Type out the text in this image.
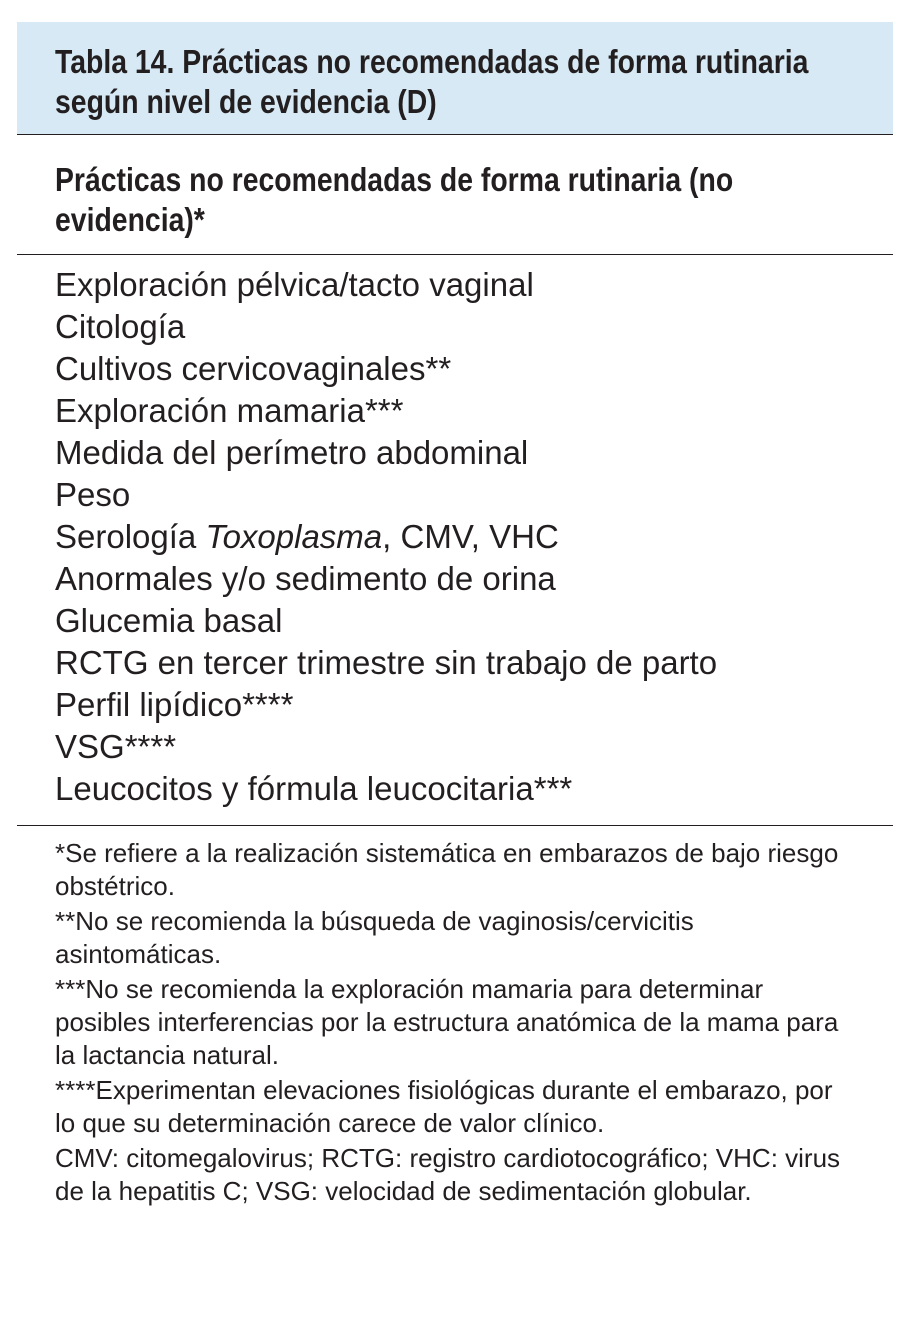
Tabla 14. Prácticas no recomendadas de forma rutinaria según nivel de evidencia (D)
Prácticas no recomendadas de forma rutinaria (no evidencia)*
Exploración pélvica/tacto vaginal
Citología
Cultivos cervicovaginales**
Exploración mamaria***
Medida del perímetro abdominal
Peso
Serología Toxoplasma, CMV, VHC
Anormales y/o sedimento de orina
Glucemia basal
RCTG en tercer trimestre sin trabajo de parto
Perfil lipídico****
VSG****
Leucocitos y fórmula leucocitaria***

*Se refiere a la realización sistemática en embarazos de bajo riesgo obstétrico.

**No se recomienda la búsqueda de vaginosis/cervicitis asintomáticas.

***No se recomienda la exploración mamaria para determinar posibles interferencias por la estructura anatómica de la mama para la lactancia natural.

****Experimentan elevaciones fisiológicas durante el embarazo, por lo que su determinación carece de valor clínico.

CMV: citomegalovirus; RCTG: registro cardiotocográfico; VHC: virus de la hepatitis C; VSG: velocidad de sedimentación globular.
